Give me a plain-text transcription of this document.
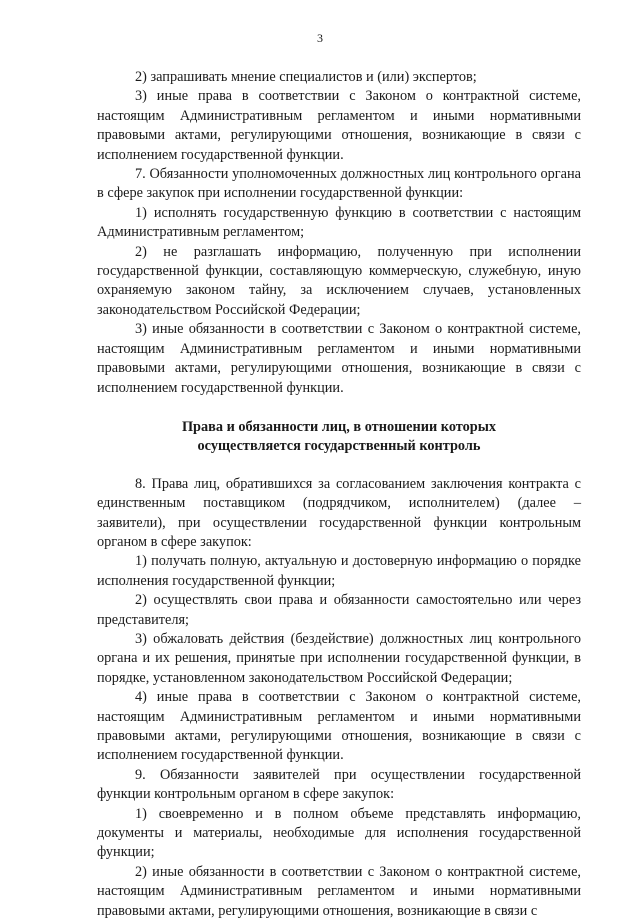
3

2) запрашивать мнение специалистов и (или) экспертов;

3) иные права в соответствии с Законом о контрактной системе, настоящим Административным регламентом и иными нормативными правовыми актами, регулирующими отношения, возникающие в связи с исполнением государственной функции.

7. Обязанности уполномоченных должностных лиц контрольного органа в сфере закупок при исполнении государственной функции:

1) исполнять государственную функцию в соответствии с настоящим Административным регламентом;

2) не разглашать информацию, полученную при исполнении государственной функции, составляющую коммерческую, служебную, иную охраняемую законом тайну, за исключением случаев, установленных законодательством Российской Федерации;

3) иные обязанности в соответствии с Законом о контрактной системе, настоящим Административным регламентом и иными нормативными правовыми актами, регулирующими отношения, возникающие в связи с исполнением государственной функции.

Права и обязанности лиц, в отношении которых
осуществляется государственный контроль

8. Права лиц, обратившихся за согласованием заключения контракта с единственным поставщиком (подрядчиком, исполнителем) (далее – заявители), при осуществлении государственной функции контрольным органом в сфере закупок:

1) получать полную, актуальную и достоверную информацию о порядке исполнения государственной функции;

2) осуществлять свои права и обязанности самостоятельно или через представителя;

3) обжаловать действия (бездействие) должностных лиц контрольного органа и их решения, принятые при исполнении государственной функции, в порядке, установленном законодательством Российской Федерации;

4) иные права в соответствии с Законом о контрактной системе, настоящим Административным регламентом и иными нормативными правовыми актами, регулирующими отношения, возникающие в связи с исполнением государственной функции.

9. Обязанности заявителей при осуществлении государственной функции контрольным органом в сфере закупок:

1) своевременно и в полном объеме представлять информацию, документы и материалы, необходимые для исполнения государственной функции;

2) иные обязанности в соответствии с Законом о контрактной системе, настоящим Административным регламентом и иными нормативными правовыми актами, регулирующими отношения, возникающие в связи с
